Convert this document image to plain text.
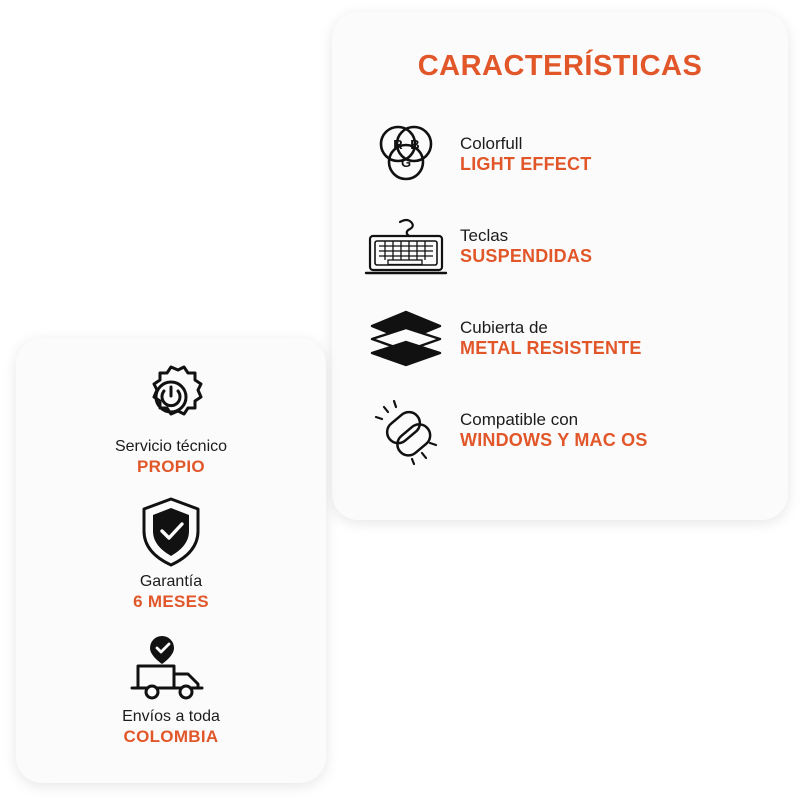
CARACTERÍSTICAS
R B
G
Colorfull
LIGHT EFFECT
Teclas
SUSPENDIDAS
Cubierta de
METAL RESISTENTE
Compatible con
WINDOWS Y MAC OS
Servicio técnico
PROPIO
Garantía
6 MESES
Envíos a toda
COLOMBIA
